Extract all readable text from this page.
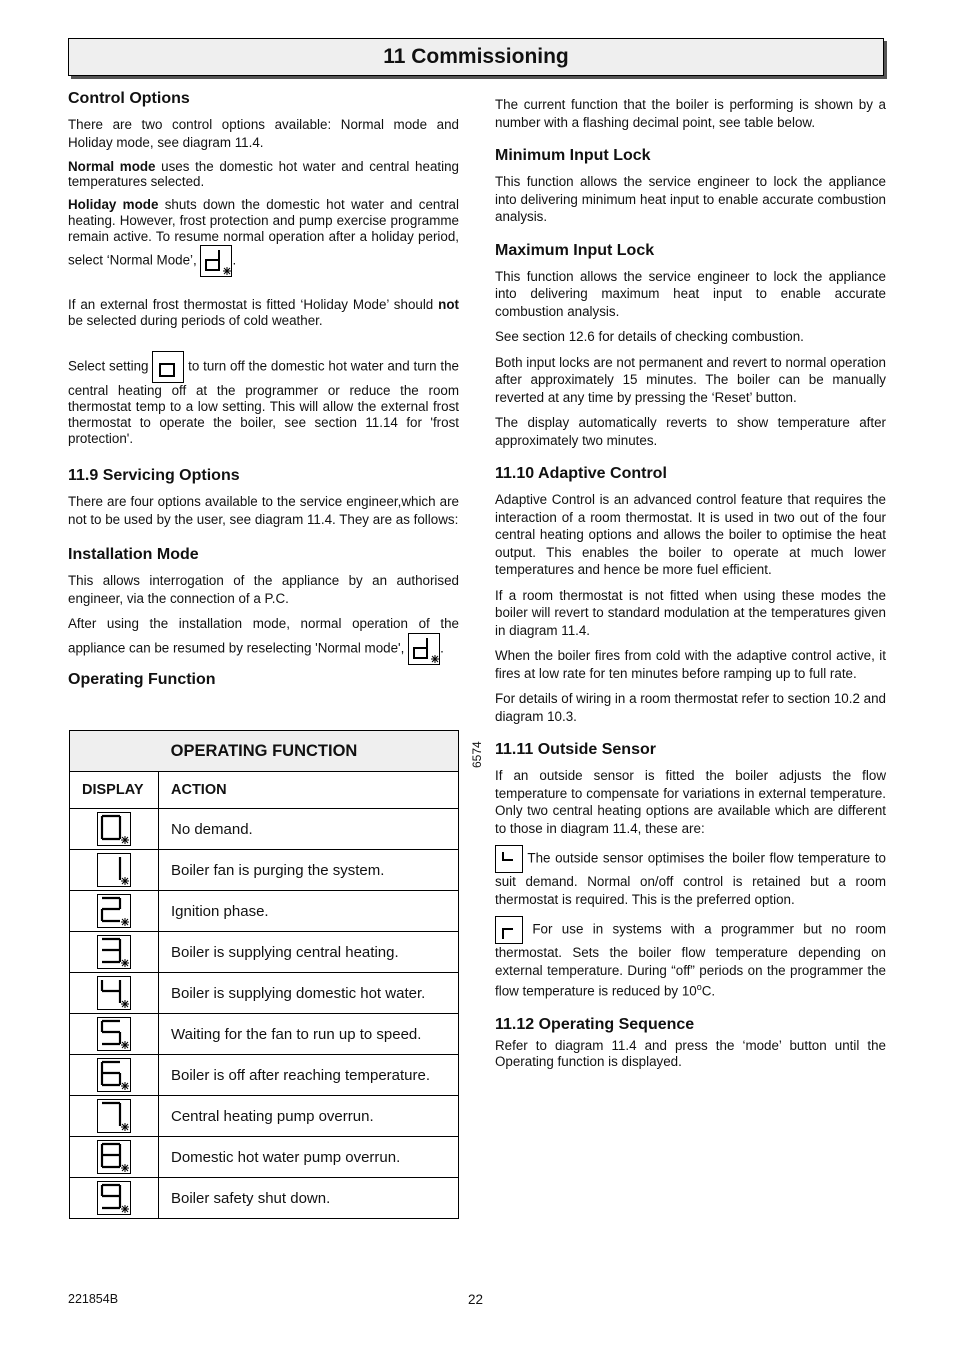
11 Commissioning
Control Options

There are two control options available: Normal mode and Holiday mode, see diagram 11.4.

Normal mode uses the domestic hot water and central heating temperatures selected.

Holiday mode shuts down the domestic hot water and central heating. However, frost protection and pump exercise programme remain active. To resume normal operation after a holiday period, select ‘Normal Mode’,	.

If an external frost thermostat is fitted ‘Holiday Mode’ should not be selected during periods of cold weather.

Select setting	to turn off the domestic hot water and turn the central heating off at the programmer or reduce the room thermostat temp to a low setting. This will allow the external frost thermostat to operate the boiler, see section 11.14 for 'frost protection'.

11.9 Servicing Options

There are four options available to the service engineer,which are not to be used by the user, see diagram 11.4. They are as follows:

Installation Mode

This allows interrogation of the appliance by an authorised engineer, via the connection of a P.C.

After using the installation mode, normal operation of the appliance can be resumed by reselecting 'Normal mode',	.

Operating Function
OPERATING FUNCTION	
DISPLAY	ACTION

	No demand.

	Boiler fan is purging the system.

	Ignition phase.

	Boiler is supplying central heating.

	Boiler is supplying domestic hot water.

	Waiting for the fan to run up to speed.

	Boiler is off after reaching temperature.

	Central heating pump overrun.

	Domestic hot water pump overrun.

	Boiler safety shut down.
6574

The current function that the boiler is performing is shown by a number with a flashing decimal point, see table below.

Minimum Input Lock

This function allows the service engineer to lock the appliance into delivering minimum heat input to enable accurate combustion analysis.

Maximum Input Lock

This function allows the service engineer to lock the appliance into delivering maximum heat input to enable accurate combustion analysis.

See section 12.6 for details of checking combustion.

Both input locks are not permanent and revert to normal operation after approximately 15 minutes. The boiler can be manually reverted at any time by pressing the ‘Reset’ button.

The display automatically reverts to show temperature after approximately two minutes.

11.10 Adaptive Control

Adaptive Control is an advanced control feature that requires the interaction of a room thermostat. It is used in two out of the four central heating options and allows the boiler to optimise the heat output. This enables the boiler to operate at much lower temperatures and hence be more fuel efficient.

If a room thermostat is not fitted when using these modes the boiler will revert to standard modulation at the temperatures given in diagram 11.4.

When the boiler fires from cold with the adaptive control active, it fires at low rate for ten minutes before ramping up to full rate.

For details of wiring in a room thermostat refer to section 10.2 and diagram 10.3.

11.11 Outside Sensor

If an outside sensor is fitted the boiler adjusts the flow temperature to compensate for variations in external temperature. Only two central heating options are available which are different to those in diagram 11.4, these are:

The outside sensor optimises the boiler flow temperature to suit demand. Normal on/off control is retained but a room thermostat is required. This is the preferred option.

For use in systems with a programmer but no room thermostat. Sets the boiler flow temperature depending on external temperature. During “off” periods on the programmer the flow temperature is reduced by 10$^o$C.

11.12 Operating Sequence

Refer to diagram 11.4 and press the ‘mode’ button until the Operating function is displayed.

221854B	22
